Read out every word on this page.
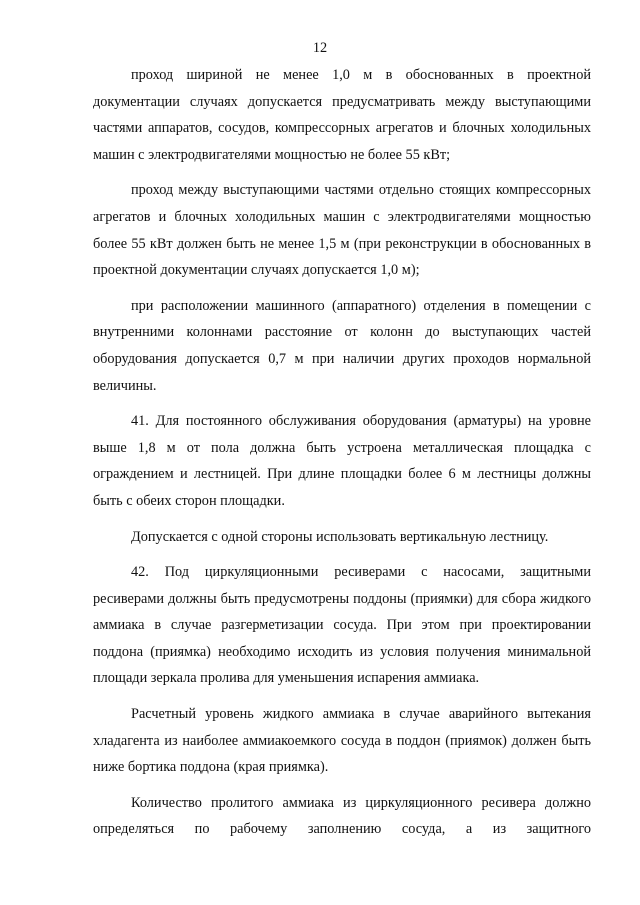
12

проход шириной не менее 1,0 м в обоснованных в проектной документации случаях допускается предусматривать между выступающими частями аппаратов, сосудов, компрессорных агрегатов и блочных холодильных машин с электродвигателями мощностью не более 55 кВт;

проход между выступающими частями отдельно стоящих компрессорных агрегатов и блочных холодильных машин с электродвигателями мощностью более 55 кВт должен быть не менее 1,5 м (при реконструкции в обоснованных в проектной документации случаях допускается 1,0 м);

при расположении машинного (аппаратного) отделения в помещении с внутренними колоннами расстояние от колонн до выступающих частей оборудования допускается 0,7 м при наличии других проходов нормальной величины.

41. Для постоянного обслуживания оборудования (арматуры) на уровне выше 1,8 м от пола должна быть устроена металлическая площадка с ограждением и лестницей. При длине площадки более 6 м лестницы должны быть с обеих сторон площадки.

Допускается с одной стороны использовать вертикальную лестницу.

42. Под циркуляционными ресиверами с насосами, защитными ресиверами должны быть предусмотрены поддоны (приямки) для сбора жидкого аммиака в случае разгерметизации сосуда. При этом при проектировании поддона (приямка) необходимо исходить из условия получения минимальной площади зеркала пролива для уменьшения испарения аммиака.

Расчетный уровень жидкого аммиака в случае аварийного вытекания хладагента из наиболее аммиакоемкого сосуда в поддон (приямок) должен быть ниже бортика поддона (края приямка).

Количество пролитого аммиака из циркуляционного ресивера должно определяться по рабочему заполнению сосуда, а из защитного
